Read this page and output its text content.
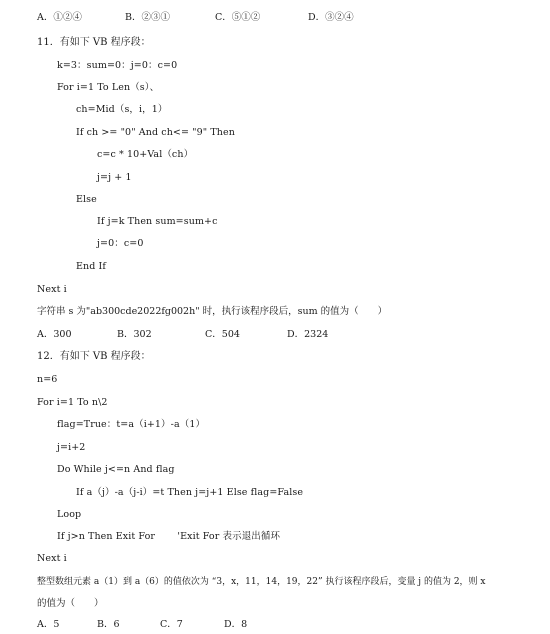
A．①②④	B．②③①	C．⑤①②	D．③②④
11．有如下 VB 程序段：
k=3：sum=0：j=0：c=0
For i=1 To Len（s）、
ch=Mid（s，i，1）
If ch >= "0" And ch<= "9" Then
c=c * 10+Val（ch）
j=j + 1
Else
If j=k Then sum=sum+c
j=0：c=0
End If
Next i
字符串 s 为"ab300cde2022fg002h" 时，执行该程序段后，sum 的值为（　　）
A．300	B．302	C．504	D．2324
12．有如下 VB 程序段：
n=6
For i=1 To n\2
flag=True：t=a（i+1）-a（1）
j=i+2
Do While j<=n And flag
If a（j）-a（j-i）=t Then j=j+1 Else flag=False
Loop
If j>n Then Exit For　　 'Exit For 表示退出循环
Next i
整型数组元素 a（1）到 a（6）的值依次为 “3，x，11，14，19，22” 执行该程序段后，变量 j 的值为 2，则 x
的值为（　　）
A．5	B．6	C．7	D．8
